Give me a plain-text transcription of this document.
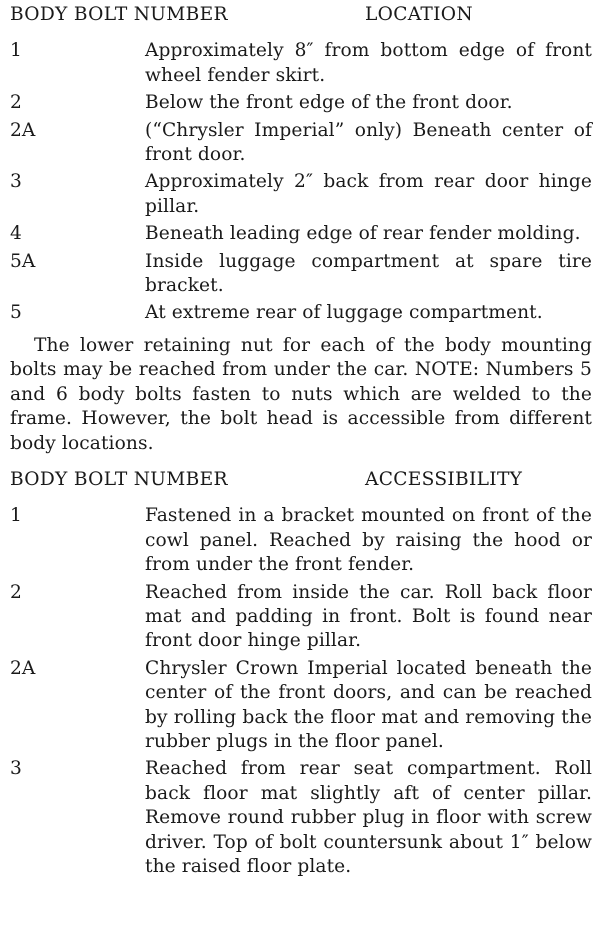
BODY BOLT NUMBER	LOCATION
1	Approximately 8″ from bottom edge of front wheel fender skirt.
2	Below the front edge of the front door.
2A	(“Chrysler Imperial” only) Beneath center of front door.
3	Approximately 2″ back from rear door hinge pillar.
4	Beneath leading edge of rear fender molding.
5A	Inside luggage compartment at spare tire bracket.
5	At extreme rear of luggage compartment.

The lower retaining nut for each of the body mounting bolts may be reached from under the car. NOTE: Numbers 5 and 6 body bolts fasten to nuts which are welded to the frame. However, the bolt head is accessible from different body locations.

BODY BOLT NUMBER	ACCESSIBILITY
1	Fastened in a bracket mounted on front of the cowl panel. Reached by raising the hood or from under the front fender.
2	Reached from inside the car. Roll back floor mat and padding in front. Bolt is found near front door hinge pillar.
2A	Chrysler Crown Imperial located beneath the center of the front doors, and can be reached by rolling back the floor mat and removing the rubber plugs in the floor panel.
3	Reached from rear seat compartment. Roll back floor mat slightly aft of center pillar. Remove round rubber plug in floor with screw driver. Top of bolt countersunk about 1″ below the raised floor plate.
